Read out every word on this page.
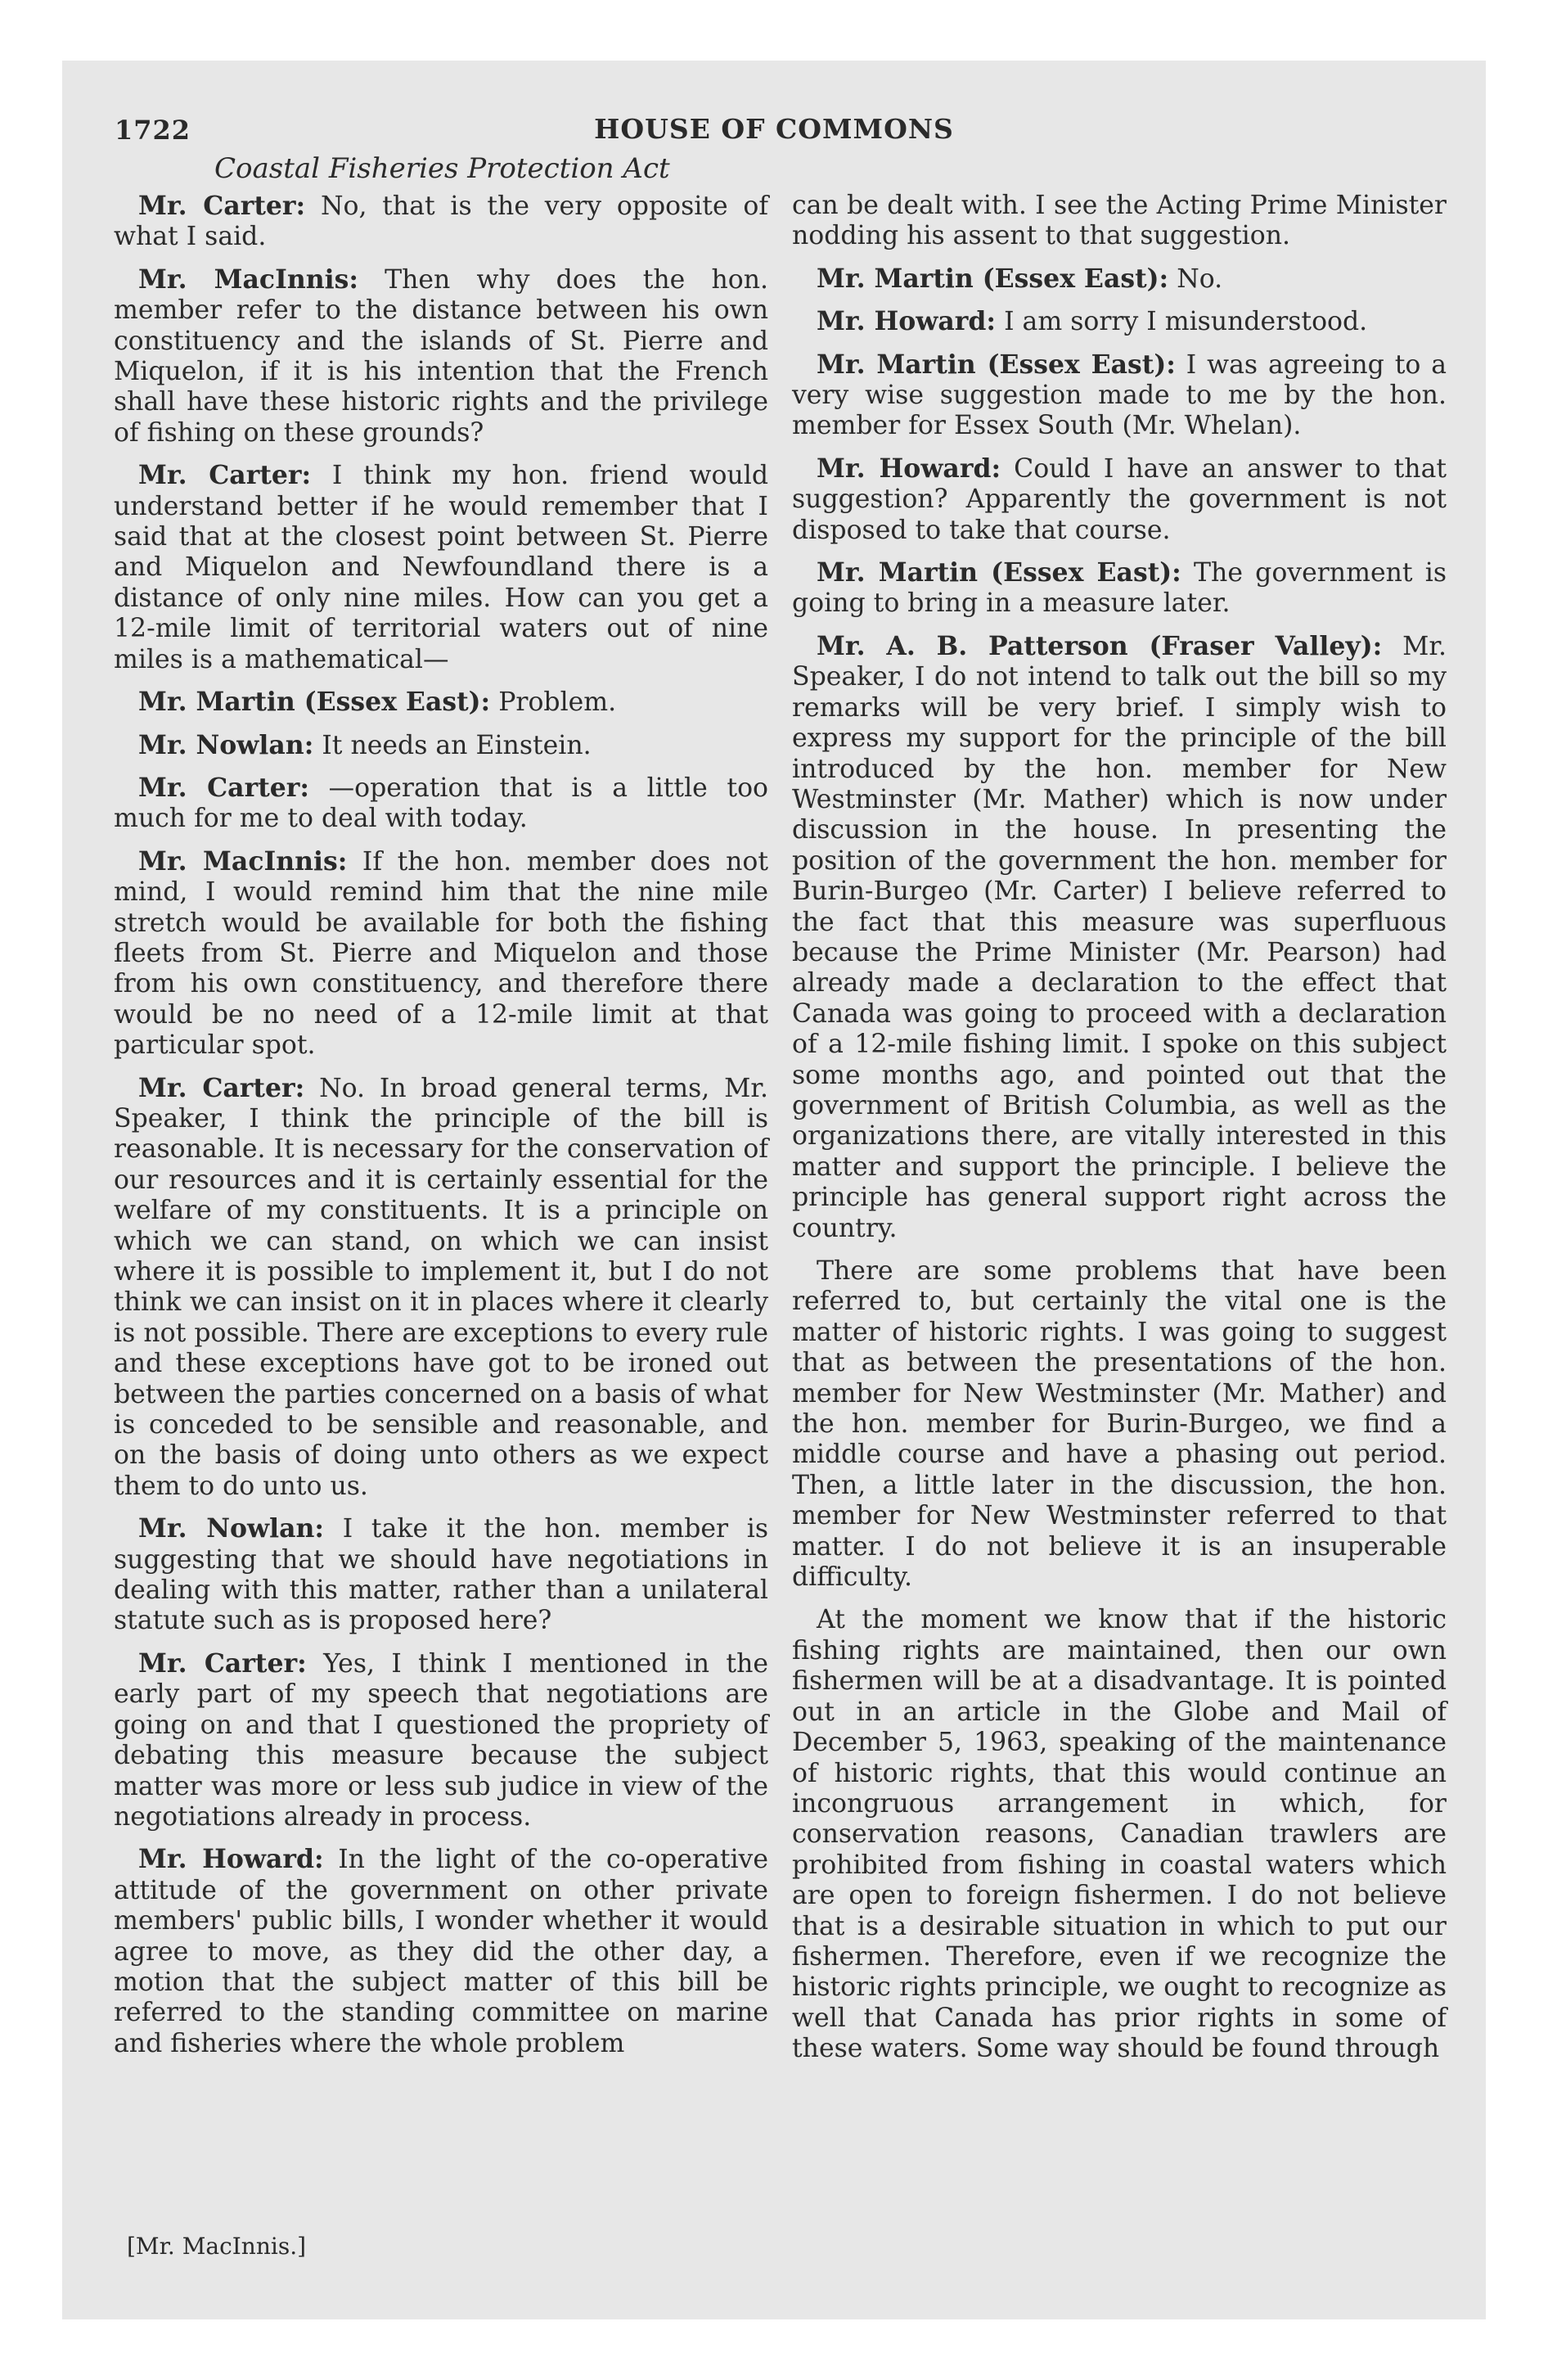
1722	HOUSE OF COMMONS
Coastal Fisheries Protection Act

Mr. Carter: No, that is the very opposite of what I said.

Mr. MacInnis: Then why does the hon. member refer to the distance between his own constituency and the islands of St. Pierre and Miquelon, if it is his intention that the French shall have these historic rights and the privilege of fishing on these grounds?

Mr. Carter: I think my hon. friend would understand better if he would remember that I said that at the closest point between St. Pierre and Miquelon and Newfoundland there is a distance of only nine miles. How can you get a 12-mile limit of territorial waters out of nine miles is a mathematical—

Mr. Martin (Essex East): Problem.

Mr. Nowlan: It needs an Einstein.

Mr. Carter: —operation that is a little too much for me to deal with today.

Mr. MacInnis: If the hon. member does not mind, I would remind him that the nine mile stretch would be available for both the fishing fleets from St. Pierre and Miquelon and those from his own constituency, and therefore there would be no need of a 12-mile limit at that particular spot.

Mr. Carter: No. In broad general terms, Mr. Speaker, I think the principle of the bill is reasonable. It is necessary for the conservation of our resources and it is certainly essential for the welfare of my constituents. It is a principle on which we can stand, on which we can insist where it is possible to implement it, but I do not think we can insist on it in places where it clearly is not possible. There are exceptions to every rule and these exceptions have got to be ironed out between the parties concerned on a basis of what is conceded to be sensible and reasonable, and on the basis of doing unto others as we expect them to do unto us.

Mr. Nowlan: I take it the hon. member is suggesting that we should have negotiations in dealing with this matter, rather than a unilateral statute such as is proposed here?

Mr. Carter: Yes, I think I mentioned in the early part of my speech that negotiations are going on and that I questioned the propriety of debating this measure because the subject matter was more or less sub judice in view of the negotiations already in process.

Mr. Howard: In the light of the co-operative attitude of the government on other private members' public bills, I wonder whether it would agree to move, as they did the other day, a motion that the subject matter of this bill be referred to the standing committee on marine and fisheries where the whole problem

can be dealt with. I see the Acting Prime Minister nodding his assent to that suggestion.

Mr. Martin (Essex East): No.

Mr. Howard: I am sorry I misunderstood.

Mr. Martin (Essex East): I was agreeing to a very wise suggestion made to me by the hon. member for Essex South (Mr. Whelan).

Mr. Howard: Could I have an answer to that suggestion? Apparently the government is not disposed to take that course.

Mr. Martin (Essex East): The government is going to bring in a measure later.

Mr. A. B. Patterson (Fraser Valley): Mr. Speaker, I do not intend to talk out the bill so my remarks will be very brief. I simply wish to express my support for the principle of the bill introduced by the hon. member for New Westminster (Mr. Mather) which is now under discussion in the house. In presenting the position of the government the hon. member for Burin-Burgeo (Mr. Carter) I believe referred to the fact that this measure was superfluous because the Prime Minister (Mr. Pearson) had already made a declaration to the effect that Canada was going to proceed with a declaration of a 12-mile fishing limit. I spoke on this subject some months ago, and pointed out that the government of British Columbia, as well as the organizations there, are vitally interested in this matter and support the principle. I believe the principle has general support right across the country.

There are some problems that have been referred to, but certainly the vital one is the matter of historic rights. I was going to suggest that as between the presentations of the hon. member for New Westminster (Mr. Mather) and the hon. member for Burin-Burgeo, we find a middle course and have a phasing out period. Then, a little later in the discussion, the hon. member for New Westminster referred to that matter. I do not believe it is an insuperable difficulty.

At the moment we know that if the historic fishing rights are maintained, then our own fishermen will be at a disadvantage. It is pointed out in an article in the Globe and Mail of December 5, 1963, speaking of the maintenance of historic rights, that this would continue an incongruous arrangement in which, for conservation reasons, Canadian trawlers are prohibited from fishing in coastal waters which are open to foreign fishermen. I do not believe that is a desirable situation in which to put our fishermen. Therefore, even if we recognize the historic rights principle, we ought to recognize as well that Canada has prior rights in some of these waters. Some way should be found through

[Mr. MacInnis.]
